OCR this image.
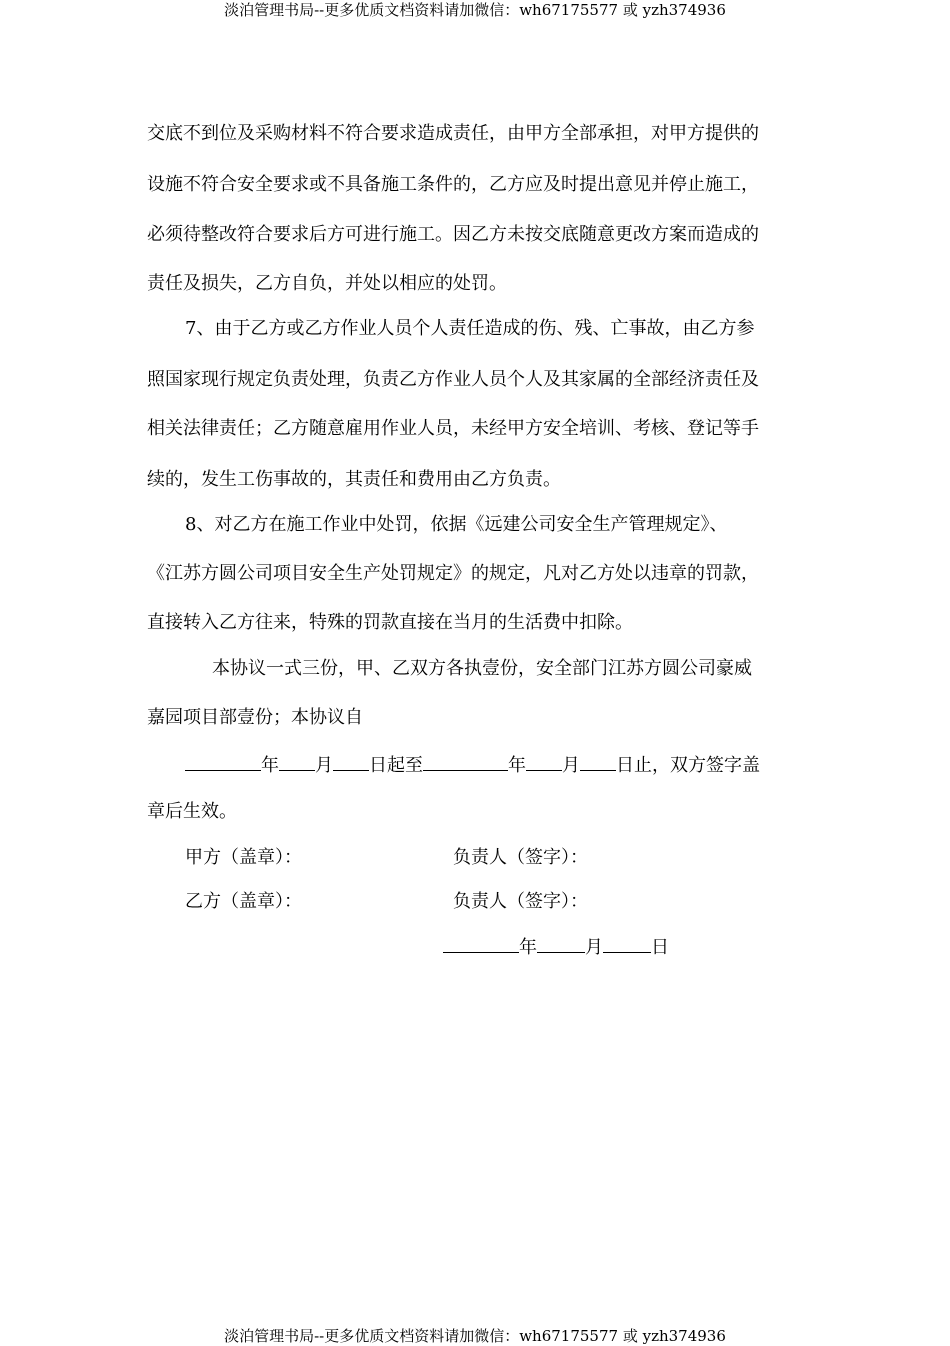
淡泊管理书局--更多优质文档资料请加微信：wh67175577 或 yzh374936
交底不到位及采购材料不符合要求造成责任，由甲方全部承担，对甲方提供的
设施不符合安全要求或不具备施工条件的，乙方应及时提出意见并停止施工，
必须待整改符合要求后方可进行施工。因乙方未按交底随意更改方案而造成的
责任及损失，乙方自负，并处以相应的处罚。
7、由于乙方或乙方作业人员个人责任造成的伤、残、亡事故，由乙方参
照国家现行规定负责处理，负责乙方作业人员个人及其家属的全部经济责任及
相关法律责任；乙方随意雇用作业人员，未经甲方安全培训、考核、登记等手
续的，发生工伤事故的，其责任和费用由乙方负责。
8、对乙方在施工作业中处罚，依据《远建公司安全生产管理规定》、
《江苏方圆公司项目安全生产处罚规定》的规定，凡对乙方处以违章的罚款，
直接转入乙方往来，特殊的罚款直接在当月的生活费中扣除。
本协议一式三份，甲、乙双方各执壹份，安全部门江苏方圆公司豪威
嘉园项目部壹份；本协议自
年 月 日起至	年 月 日止，双方签字盖
章后生效。
甲方（盖章）：	负责人（签字）：
乙方（盖章）：	负责人（签字）：
年	月	日
淡泊管理书局--更多优质文档资料请加微信：wh67175577 或 yzh374936
